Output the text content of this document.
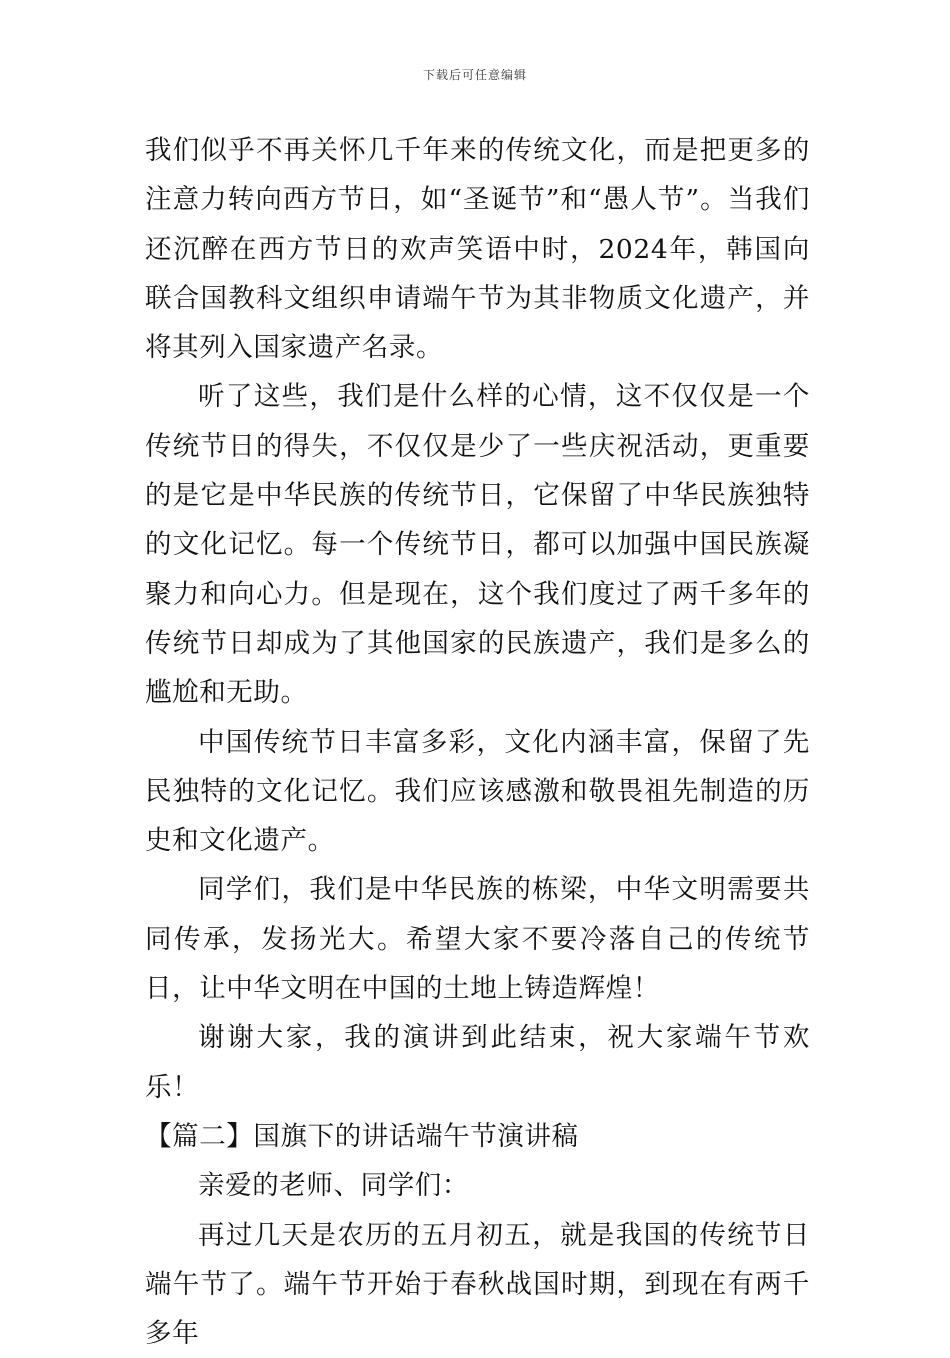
下载后可任意编辑

我们似乎不再关怀几千年来的传统文化，而是把更多的注意力转向西方节日，如“圣诞节”和“愚人节”。当我们还沉醉在西方节日的欢声笑语中时，2024年，韩国向联合国教科文组织申请端午节为其非物质文化遗产，并将其列入国家遗产名录。

听了这些，我们是什么样的心情，这不仅仅是一个传统节日的得失，不仅仅是少了一些庆祝活动，更重要的是它是中华民族的传统节日，它保留了中华民族独特的文化记忆。每一个传统节日，都可以加强中国民族凝聚力和向心力。但是现在，这个我们度过了两千多年的传统节日却成为了其他国家的民族遗产，我们是多么的尴尬和无助。

中国传统节日丰富多彩，文化内涵丰富，保留了先民独特的文化记忆。我们应该感激和敬畏祖先制造的历史和文化遗产。

同学们，我们是中华民族的栋梁，中华文明需要共同传承，发扬光大。希望大家不要冷落自己的传统节日，让中华文明在中国的土地上铸造辉煌！

谢谢大家，我的演讲到此结束，祝大家端午节欢乐！

【篇二】国旗下的讲话端午节演讲稿

亲爱的老师、同学们：

再过几天是农历的五月初五，就是我国的传统节日端午节了。端午节开始于春秋战国时期，到现在有两千多年
